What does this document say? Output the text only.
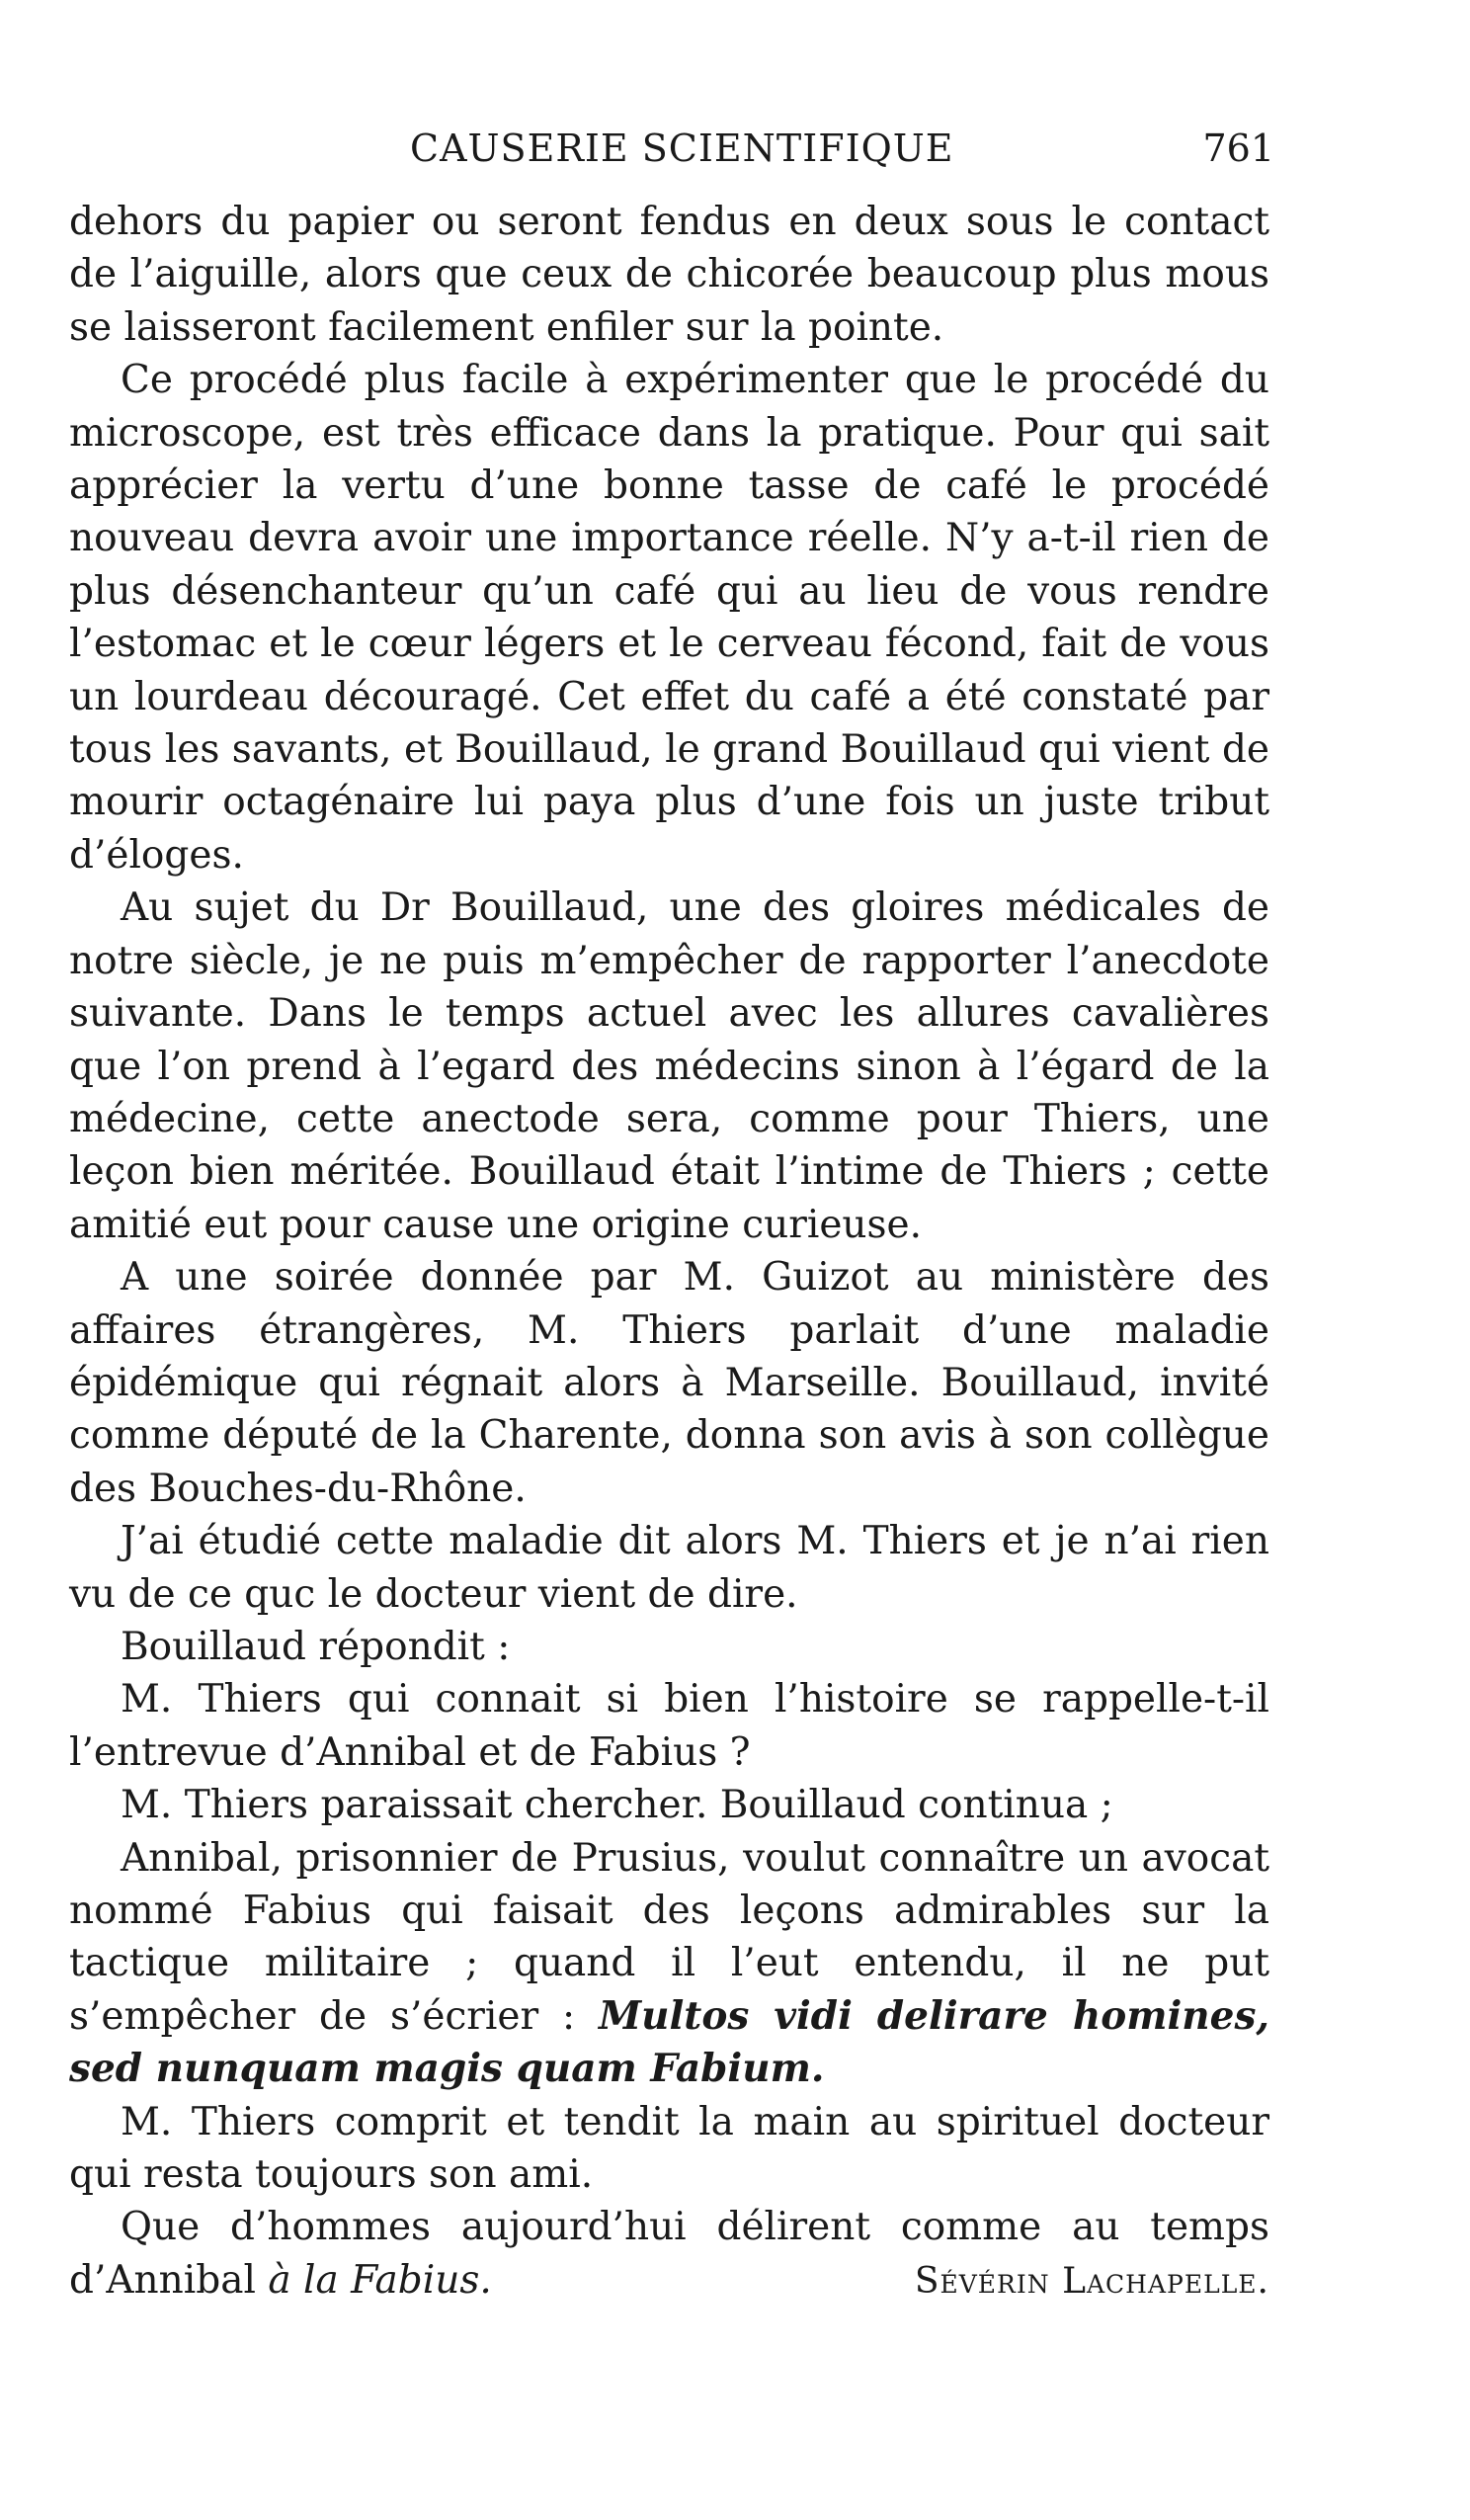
CAUSERIE SCIENTIFIQUE	761

dehors du papier ou seront fendus en deux sous le contact de l’aiguille, alors que ceux de chicorée beaucoup plus mous se laisseront facilement enfiler sur la pointe.

Ce procédé plus facile à expérimenter que le procédé du microscope, est très efficace dans la pratique. Pour qui sait apprécier la vertu d’une bonne tasse de café le procédé nouveau devra avoir une importance réelle. N’y a-t-il rien de plus désenchanteur qu’un café qui au lieu de vous rendre l’estomac et le cœur légers et le cerveau fécond, fait de vous un lourdeau découragé. Cet effet du café a été constaté par tous les savants, et Bouillaud, le grand Bouillaud qui vient de mourir octagénaire lui paya plus d’une fois un juste tribut d’éloges.

Au sujet du Dr Bouillaud, une des gloires médicales de notre siècle, je ne puis m’empêcher de rapporter l’anecdote suivante. Dans le temps actuel avec les allures cavalières que l’on prend à l’egard des médecins sinon à l’égard de la médecine, cette anectode sera, comme pour Thiers, une leçon bien méritée. Bouillaud était l’intime de Thiers ; cette amitié eut pour cause une origine curieuse.

A une soirée donnée par M. Guizot au ministère des affaires étrangères, M. Thiers parlait d’une maladie épidémique qui régnait alors à Marseille. Bouillaud, invité comme député de la Charente, donna son avis à son collègue des Bouches-du-Rhône.

J’ai étudié cette maladie dit alors M. Thiers et je n’ai rien vu de ce quc le docteur vient de dire.

Bouillaud répondit :

M. Thiers qui connait si bien l’histoire se rappelle-t-il l’entrevue d’Annibal et de Fabius ?

M. Thiers paraissait chercher. Bouillaud continua ;

Annibal, prisonnier de Prusius, voulut connaître un avocat nommé Fabius qui faisait des leçons admirables sur la tactique militaire ; quand il l’eut entendu, il ne put s’empêcher de s’écrier : Multos vidi delirare homines, sed nunquam magis quam Fabium.

M. Thiers comprit et tendit la main au spirituel docteur qui resta toujours son ami.

Que d’hommes aujourd’hui délirent comme au temps

d’Annibal à la Fabius.	Sévérin Lachapelle.
